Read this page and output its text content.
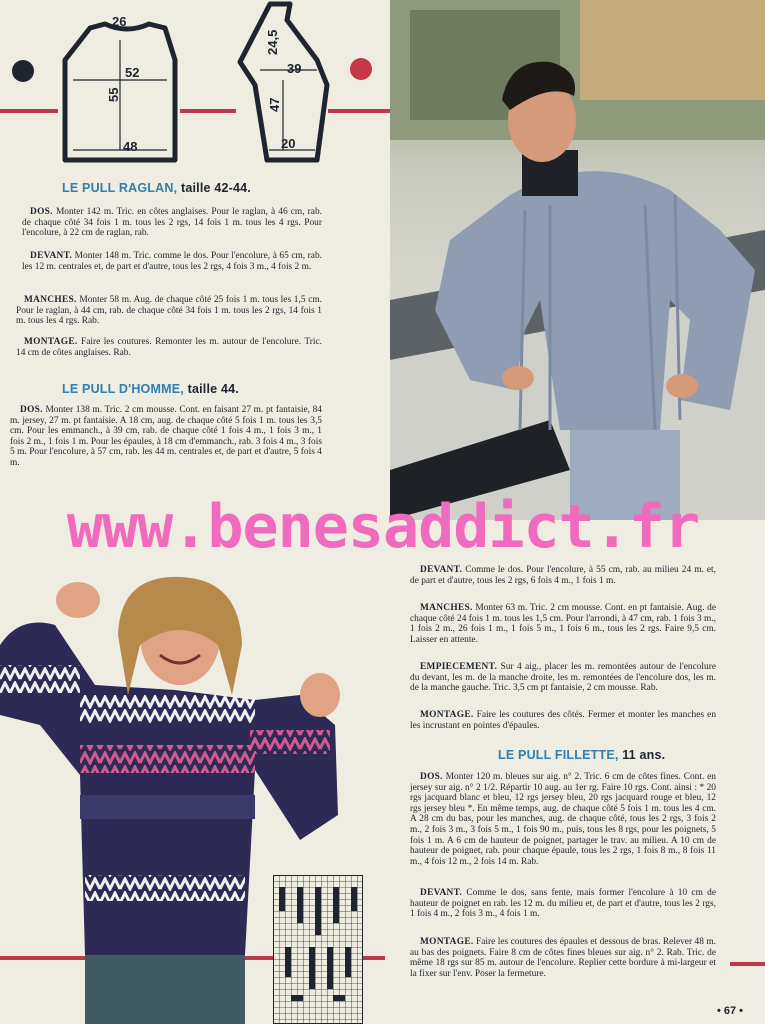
26
52
55
48
24,5
39
47
20
LE PULL RAGLAN, taille 42-44.

DOS. Monter 142 m. Tric. en côtes anglaises. Pour le raglan, à 46 cm, rab. de chaque côté 34 fois 1 m. tous les 2 rgs, 14 fois 1 m. tous les 4 rgs. Pour l'encolure, à 22 cm de raglan, rab.

DEVANT. Monter 148 m. Tric. comme le dos. Pour l'encolure, à 65 cm, rab. les 12 m. centrales et, de part et d'autre, tous les 2 rgs, 4 fois 3 m., 4 fois 2 m.

MANCHES. Monter 58 m. Aug. de chaque côté 25 fois 1 m. tous les 1,5 cm. Pour le raglan, à 44 cm, rab. de chaque côté 34 fois 1 m. tous les 2 rgs, 14 fois 1 m. tous les 4 rgs. Rab.

MONTAGE. Faire les coutures. Remonter les m. autour de l'encolure. Tric. 14 cm de côtes anglaises. Rab.

LE PULL D'HOMME, taille 44.

DOS. Monter 138 m. Tric. 2 cm mousse. Cont. en faisant 27 m. pt fantaisie, 84 m. jersey, 27 m. pt fantaisie. A 18 cm, aug. de chaque côté 5 fois 1 m. tous les 3,5 cm. Pour les emmanch., à 39 cm, rab. de chaque côté 1 fois 4 m., 1 fois 3 m., 1 fois 2 m., 1 fois 1 m. Pour les épaules, à 18 cm d'emmanch., rab. 3 fois 4 m., 3 fois 5 m. Pour l'encolure, à 57 cm, rab. les 44 m. centrales et, de part et d'autre, 5 fois 4 m.

www.benesaddict.fr

DEVANT. Comme le dos. Pour l'encolure, à 55 cm, rab. au milieu 24 m. et, de part et d'autre, tous les 2 rgs, 6 fois 4 m., 1 fois 1 m.

MANCHES. Monter 63 m. Tric. 2 cm mousse. Cont. en pt fantaisie. Aug. de chaque côté 24 fois 1 m. tous les 1,5 cm. Pour l'arrondi, à 47 cm, rab. 1 fois 3 m., 1 fois 2 m., 26 fois 1 m., 1 fois 5 m., 1 fois 6 m., tous les 2 rgs. Faire 9,5 cm. Laisser en attente.

EMPIECEMENT. Sur 4 aig., placer les m. remontées autour de l'encolure du devant, les m. de la manche droite, les m. remontées de l'encolure dos, les m. de la manche gauche. Tric. 3,5 cm pt fantaisie, 2 cm mousse. Rab.

MONTAGE. Faire les coutures des côtés. Fermer et monter les manches en les incrustant en pointes d'épaules.

LE PULL FILLETTE, 11 ans.

DOS. Monter 120 m. bleues sur aig. n° 2. Tric. 6 cm de côtes fines. Cont. en jersey sur aig. n° 2 1/2. Répartir 10 aug. au 1er rg. Faire 10 rgs. Cont. ainsi : * 20 rgs jacquard blanc et bleu, 12 rgs jersey bleu, 20 rgs jacquard rouge et bleu, 12 rgs jersey bleu *. En même temps, aug. de chaque côté 5 fois 1 m. tous les 4 cm. A 28 cm du bas, pour les manches, aug. de chaque côté, tous les 2 rgs, 3 fois 2 m., 2 fois 3 m., 3 fois 5 m., 1 fois 90 m., puis, tous les 8 rgs, pour les poignets, 5 fois 1 m. A 6 cm de hauteur de poignet, partager le trav. au milieu. A 10 cm de hauteur de poignet, rab. pour chaque épaule, tous les 2 rgs, 1 fois 8 m., 8 fois 11 m., 4 fois 12 m., 2 fois 14 m. Rab.

DEVANT. Comme le dos, sans fente, mais former l'encolure à 10 cm de hauteur de poignet en rab. les 12 m. du milieu et, de part et d'autre, tous les 2 rgs, 1 fois 4 m., 2 fois 3 m., 4 fois 1 m.

MONTAGE. Faire les coutures des épaules et dessous de bras. Relever 48 m. au bas des poignets. Faire 8 cm de côtes fines bleues sur aig. n° 2. Rab. Tric. de même 18 rgs sur 85 m. autour de l'encolure. Replier cette bordure à mi-largeur et la fixer sur l'env. Poser la fermeture.

• 67 •
